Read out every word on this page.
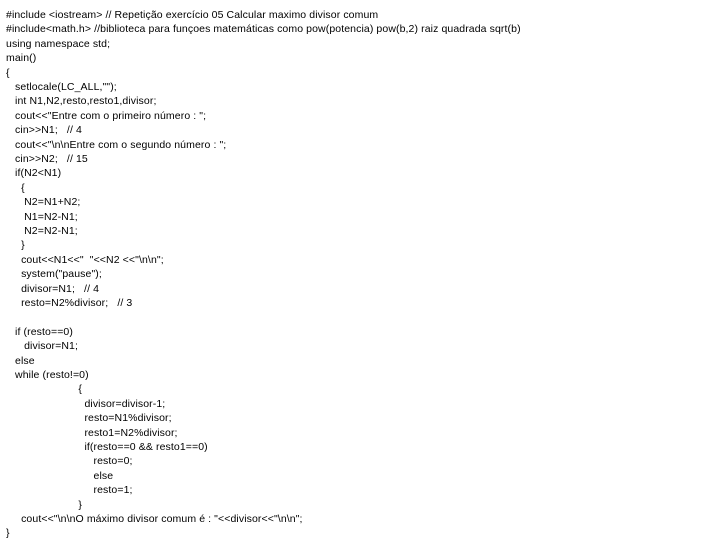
#include <iostream> // Repetição exercício 05 Calcular maximo divisor comum
#include<math.h> //biblioteca para funçoes matemáticas como pow(potencia) pow(b,2) raiz quadrada sqrt(b)
using namespace std;
main()
{
setlocale(LC_ALL,"");
int N1,N2,resto,resto1,divisor;
cout<<"Entre com o primeiro número : ";
cin>>N1;   // 4
cout<<"\n\nEntre com o segundo número : ";
cin>>N2;   // 15
if(N2<N1)
{
N2=N1+N2;
N1=N2-N1;
N2=N2-N1;
}
cout<<N1<<"  "<<N2 <<"\n\n";
system("pause");
divisor=N1;   // 4
resto=N2%divisor;   // 3
if (resto==0)
divisor=N1;
else
while (resto!=0)
{
divisor=divisor-1;
resto=N1%divisor;
resto1=N2%divisor;
if(resto==0 && resto1==0)
resto=0;
else
resto=1;
}
cout<<"\n\nO máximo divisor comum é : "<<divisor<<"\n\n";
}
